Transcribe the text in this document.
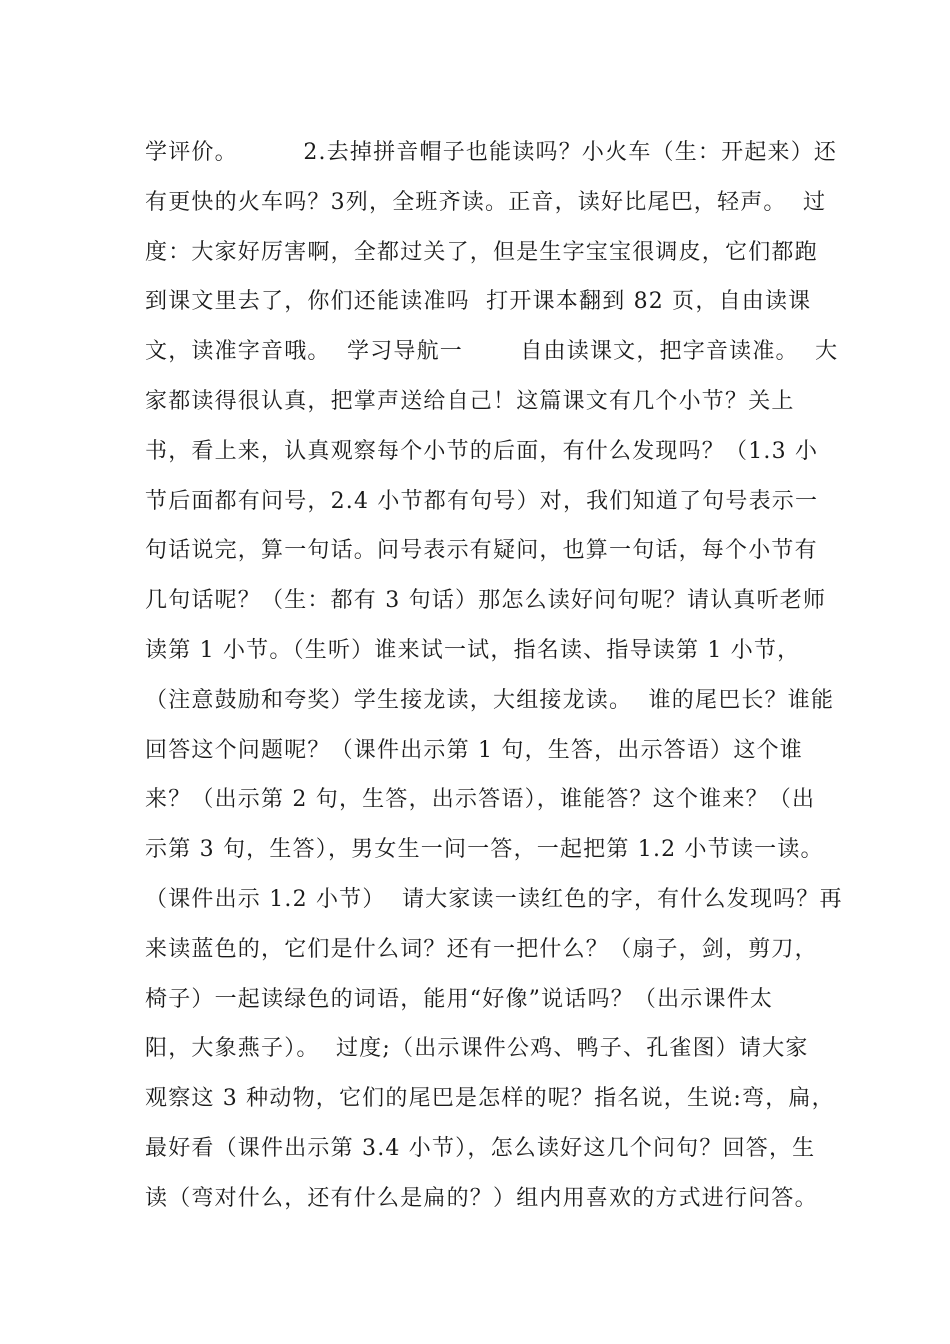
学评价。        2.去掉拼音帽子也能读吗？小火车（生：开起来）还
有更快的火车吗？3列，全班齐读。正音，读好比尾巴，轻声。  过
度：大家好厉害啊，全都过关了，但是生字宝宝很调皮，它们都跑
到课文里去了，你们还能读准吗  打开课本翻到 82 页，自由读课
文，读准字音哦。  学习导航一       自由读课文，把字音读准。  大
家都读得很认真，把掌声送给自己！这篇课文有几个小节？关上
书，看上来，认真观察每个小节的后面，有什么发现吗？（1.3 小
节后面都有问号，2.4 小节都有句号）对，我们知道了句号表示一
句话说完，算一句话。问号表示有疑问，也算一句话，每个小节有
几句话呢？（生：都有 3 句话）那怎么读好问句呢？请认真听老师
读第 1 小节。（生听）谁来试一试，指名读、指导读第 1 小节，
（注意鼓励和夸奖）学生接龙读，大组接龙读。  谁的尾巴长？谁能
回答这个问题呢？（课件出示第 1 句，生答，出示答语）这个谁
来？（出示第 2 句，生答，出示答语），谁能答？这个谁来？（出
示第 3 句，生答），男女生一问一答，一起把第 1.2 小节读一读。
（课件出示 1.2 小节）  请大家读一读红色的字，有什么发现吗？再
来读蓝色的，它们是什么词？还有一把什么？（扇子，剑，剪刀，
椅子）一起读绿色的词语，能用“好像”说话吗？（出示课件太
阳，大象燕子）。  过度;（出示课件公鸡、鸭子、孔雀图）请大家
观察这 3 种动物，它们的尾巴是怎样的呢？指名说，生说:弯，扁，
最好看（课件出示第 3.4 小节），怎么读好这几个问句？回答，生
读（弯对什么，还有什么是扁的？）组内用喜欢的方式进行问答。
